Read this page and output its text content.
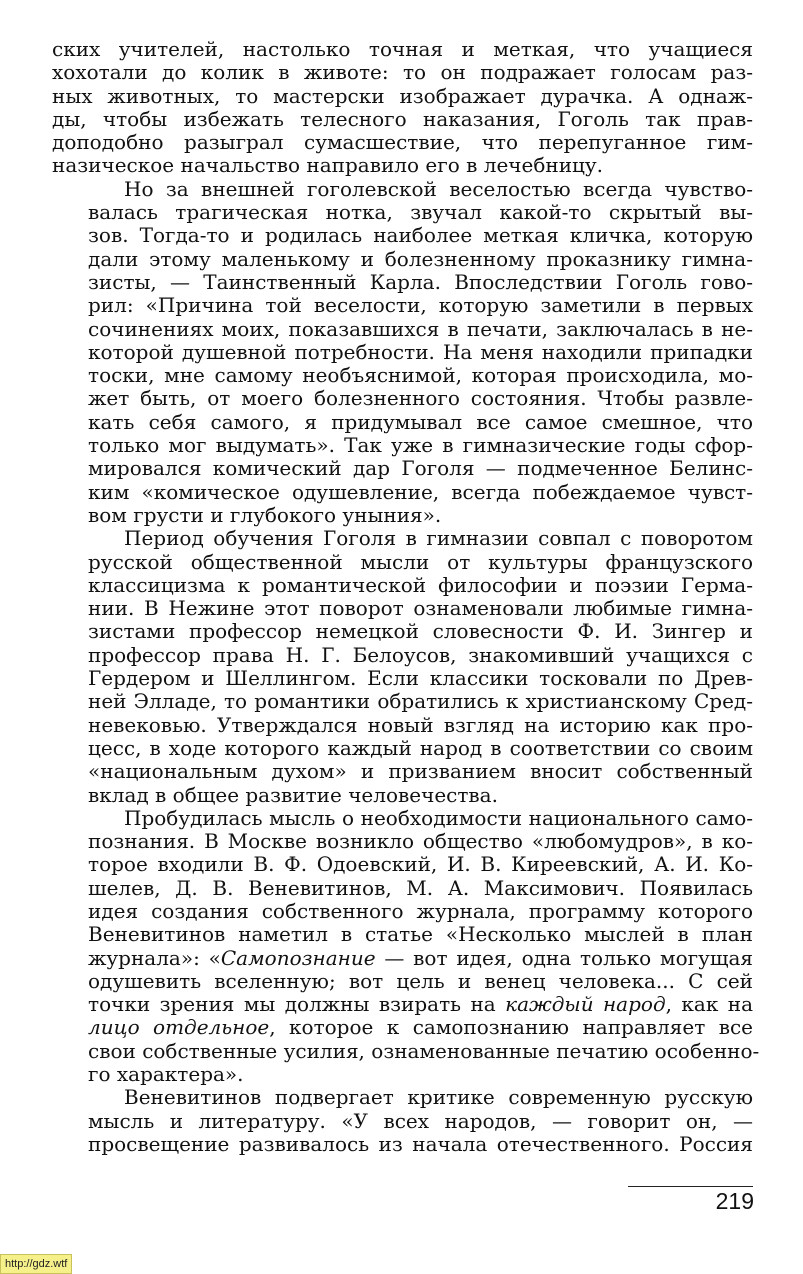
ских учителей, настолько точная и меткая, что учащиеся
хохотали до колик в животе: то он подражает голосам раз-
ных животных, то мастерски изображает дурачка. А однаж-
ды, чтобы избежать телесного наказания, Гоголь так прав-
доподобно разыграл сумасшествие, что перепуганное гим-
назическое начальство направило его в лечебницу.
Но за внешней гоголевской веселостью всегда чувство-
валась трагическая нотка, звучал какой-то скрытый вы-
зов. Тогда-то и родилась наиболее меткая кличка, которую
дали этому маленькому и болезненному проказнику гимна-
зисты, — Таинственный Карла. Впоследствии Гоголь гово-
рил: «Причина той веселости, которую заметили в первых
сочинениях моих, показавшихся в печати, заключалась в не-
которой душевной потребности. На меня находили припадки
тоски, мне самому необъяснимой, которая происходила, мо-
жет быть, от моего болезненного состояния. Чтобы развле-
кать себя самого, я придумывал все самое смешное, что
только мог выдумать». Так уже в гимназические годы сфор-
мировался комический дар Гоголя — подмеченное Белинс-
ким «комическое одушевление, всегда побеждаемое чувст-
вом грусти и глубокого уныния».
Период обучения Гоголя в гимназии совпал с поворотом
русской общественной мысли от культуры французского
классицизма к романтической философии и поэзии Герма-
нии. В Нежине этот поворот ознаменовали любимые гимна-
зистами профессор немецкой словесности Ф. И. Зингер и
профессор права Н. Г. Белоусов, знакомивший учащихся с
Гердером и Шеллингом. Если классики тосковали по Древ-
ней Элладе, то романтики обратились к христианскому Сред-
невековью. Утверждался новый взгляд на историю как про-
цесс, в ходе которого каждый народ в соответствии со своим
«национальным духом» и призванием вносит собственный
вклад в общее развитие человечества.
Пробудилась мысль о необходимости национального само-
познания. В Москве возникло общество «любомудров», в ко-
торое входили В. Ф. Одоевский, И. В. Киреевский, А. И. Ко-
шелев, Д. В. Веневитинов, М. А. Максимович. Появилась
идея создания собственного журнала, программу которого
Веневитинов наметил в статье «Несколько мыслей в план
журнала»: «Самопознание — вот идея, одна только могущая
одушевить вселенную; вот цель и венец человека... С сей
точки зрения мы должны взирать на каждый народ, как на
лицо отдельное, которое к самопознанию направляет все
свои собственные усилия, ознаменованные печатию особенно-
го характера».
Веневитинов подвергает критике современную русскую
мысль и литературу. «У всех народов, — говорит он, —
просвещение развивалось из начала отечественного. Россия
219
http://gdz.wtf
